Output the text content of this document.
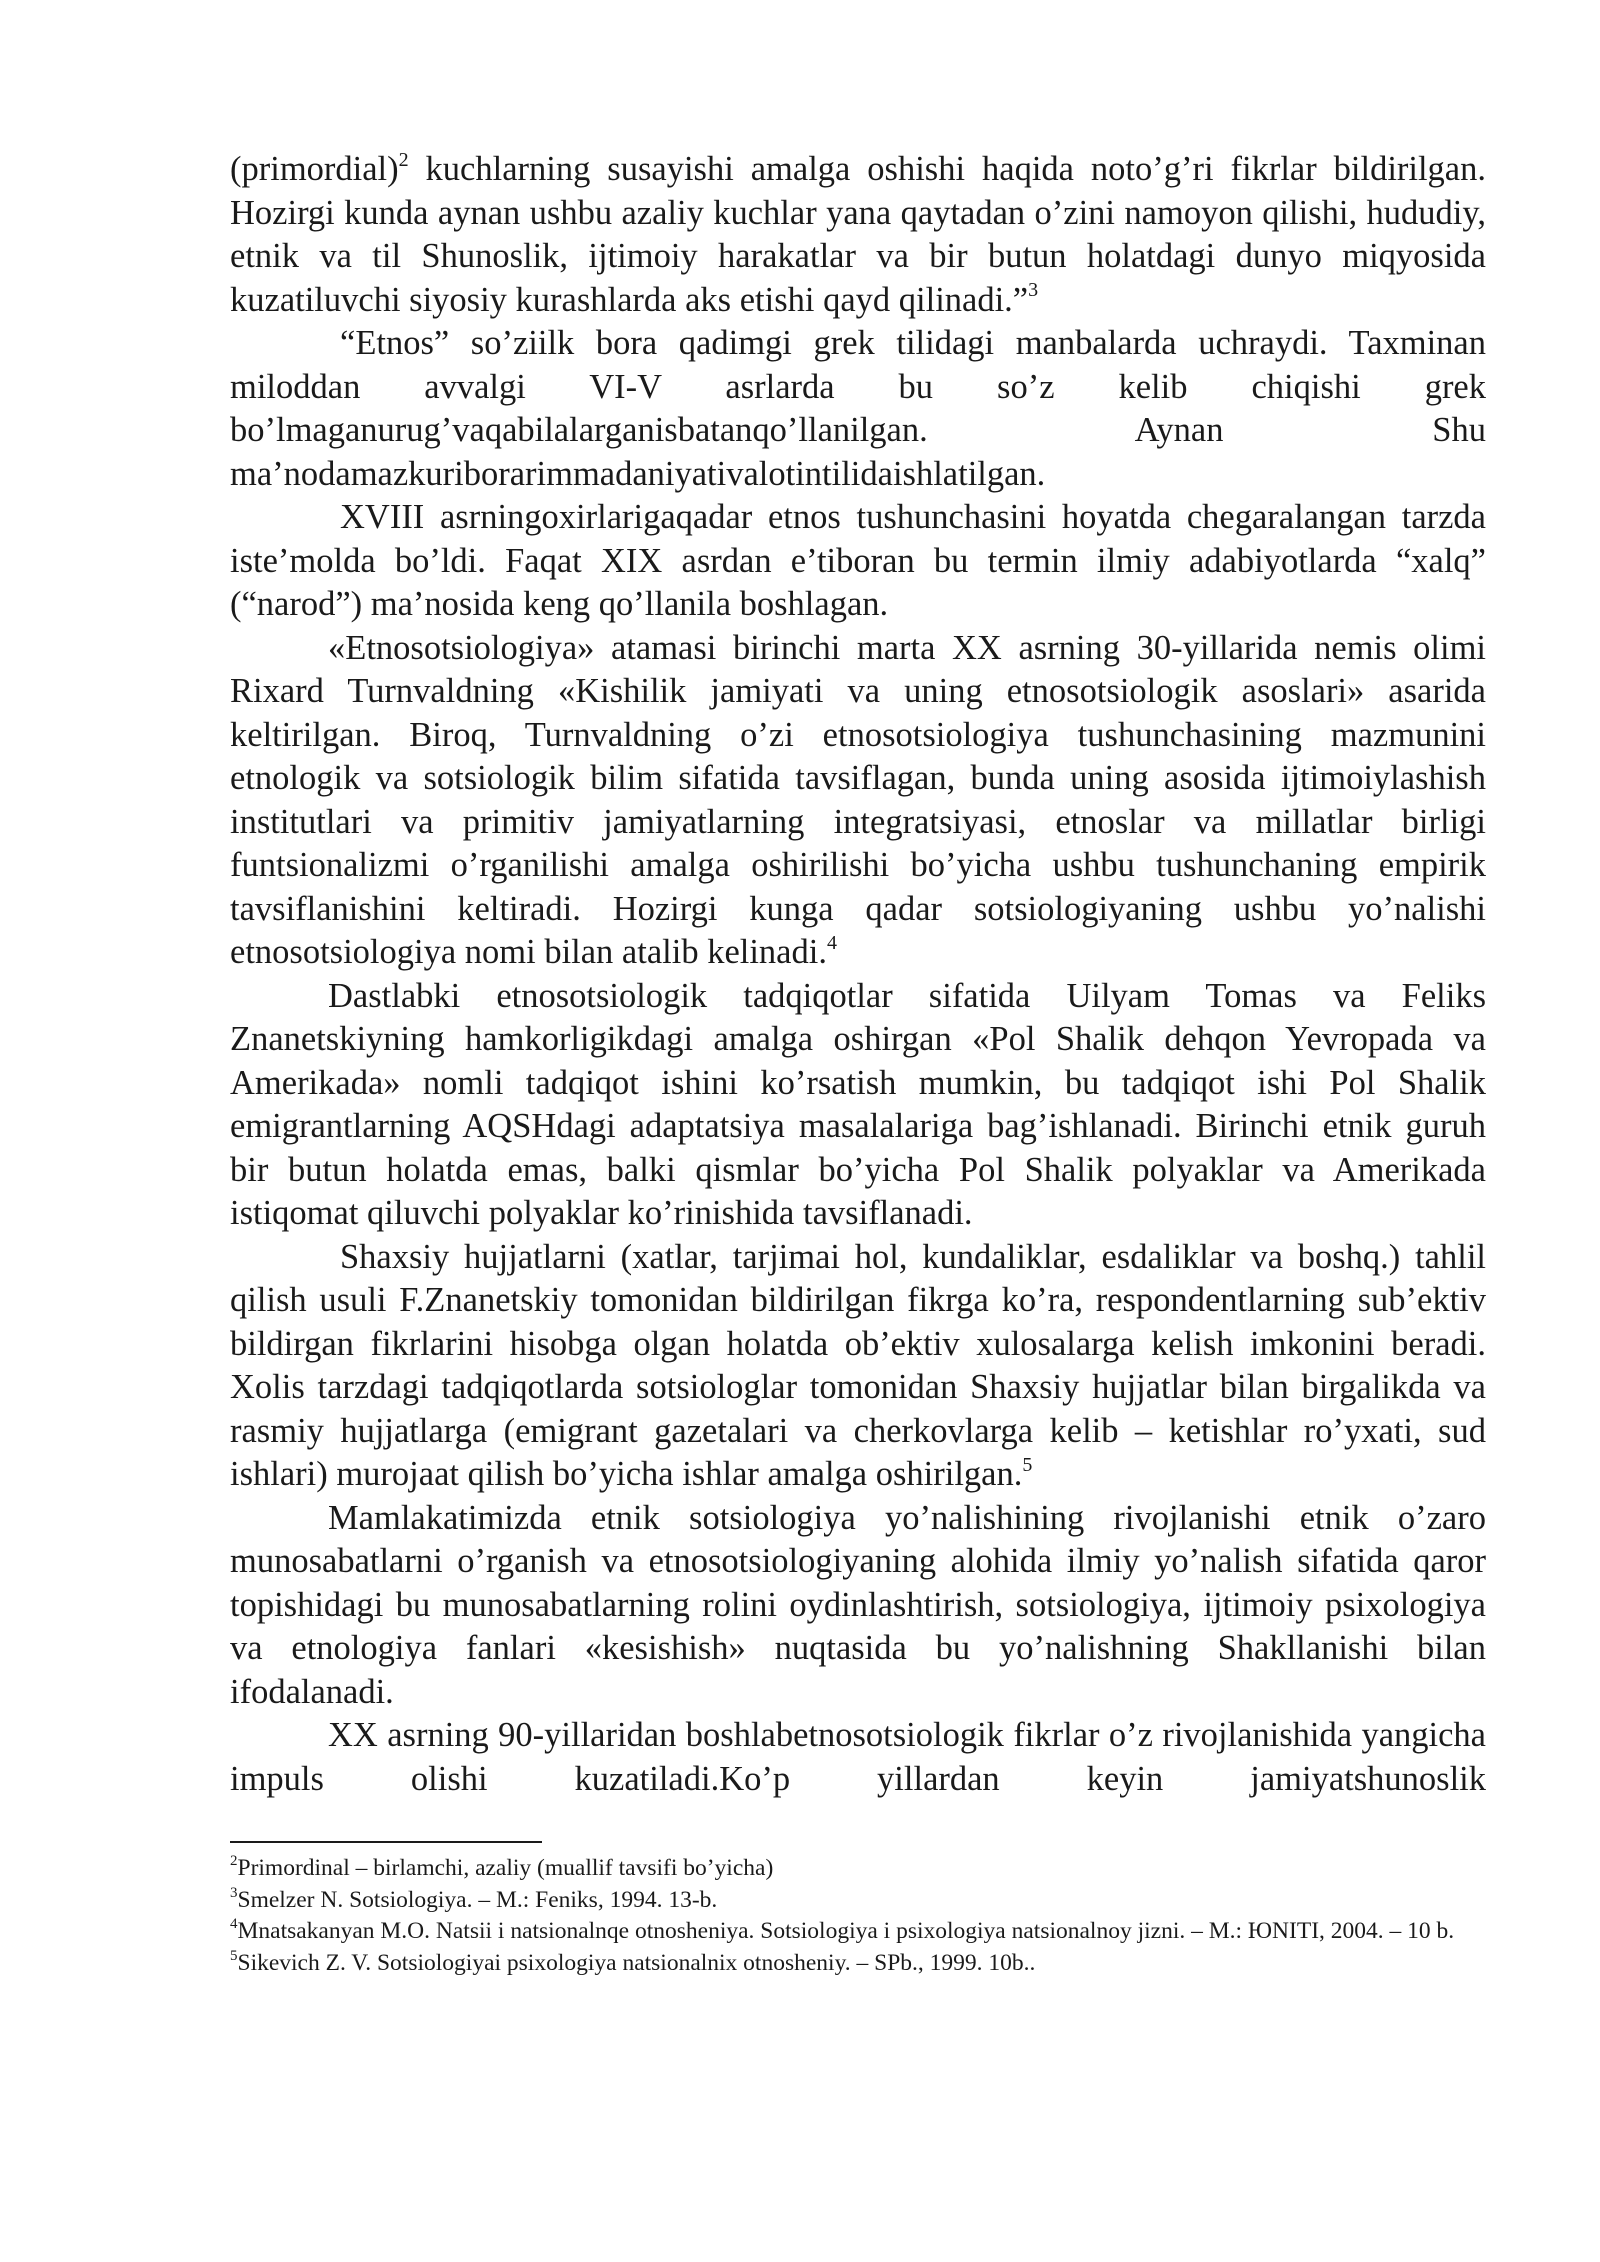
(primordial)$^2$ kuchlarning susayishi amalga oshishi haqida noto’g’ri fikrlar bildirilgan. Hozirgi kunda aynan ushbu azaliy kuchlar yana qaytadan o’zini namoyon qilishi, hududiy, etnik va til Shunoslik, ijtimoiy harakatlar va bir butun holatdagi dunyo miqyosida kuzatiluvchi siyosiy kurashlarda aks etishi qayd qilinadi.”$^3$

“Etnos” so’ziilk bora qadimgi grek tilidagi manbalarda uchraydi. Taxminan miloddan avvalgi VI-V asrlarda bu so’z kelib chiqishi grek bo’lmaganurug’vaqabilalarganisbatanqo’llanilgan. Aynan Shu ma’nodamazkuriborarimmadaniyativalotintilidaishlatilgan.

XVIII asrningoxirlarigaqadar etnos tushunchasini hoyatda chegaralangan tarzda iste’molda bo’ldi. Faqat XIX asrdan e’tiboran bu termin ilmiy adabiyotlarda “xalq” (“narod”) ma’nosida keng qo’llanila boshlagan.

«Etnosotsiologiya» atamasi birinchi marta XX asrning 30-yillarida nemis olimi Rixard Turnvaldning «Kishilik jamiyati va uning etnosotsiologik asoslari» asarida keltirilgan. Biroq, Turnvaldning o’zi etnosotsiologiya tushunchasining mazmunini etnologik va sotsiologik bilim sifatida tavsiflagan, bunda uning asosida ijtimoiylashish institutlari va primitiv jamiyatlarning integratsiyasi, etnoslar va millatlar birligi funtsionalizmi o’rganilishi amalga oshirilishi bo’yicha ushbu tushunchaning empirik tavsiflanishini keltiradi. Hozirgi kunga qadar sotsiologiyaning ushbu yo’nalishi etnosotsiologiya nomi bilan atalib kelinadi.$^4$

Dastlabki etnosotsiologik tadqiqotlar sifatida Uilyam Tomas va Feliks Znanetskiyning hamkorligikdagi amalga oshirgan «Pol Shalik dehqon Yevropada va Amerikada» nomli tadqiqot ishini ko’rsatish mumkin, bu tadqiqot ishi Pol Shalik emigrantlarning AQSHdagi adaptatsiya masalalariga bag’ishlanadi. Birinchi etnik guruh bir butun holatda emas, balki qismlar bo’yicha Pol Shalik polyaklar va Amerikada istiqomat qiluvchi polyaklar ko’rinishida tavsiflanadi.

Shaxsiy hujjatlarni (xatlar, tarjimai hol, kundaliklar, esdaliklar va boshq.) tahlil qilish usuli F.Znanetskiy tomonidan bildirilgan fikrga ko’ra, respondentlarning sub’ektiv bildirgan fikrlarini hisobga olgan holatda ob’ektiv xulosalarga kelish imkonini beradi. Xolis tarzdagi tadqiqotlarda sotsiologlar tomonidan Shaxsiy hujjatlar bilan birgalikda va rasmiy hujjatlarga (emigrant gazetalari va cherkovlarga kelib – ketishlar ro’yxati, sud ishlari) murojaat qilish bo’yicha ishlar amalga oshirilgan.$^5$

Mamlakatimizda etnik sotsiologiya yo’nalishining rivojlanishi etnik o’zaro munosabatlarni o’rganish va etnosotsiologiyaning alohida ilmiy yo’nalish sifatida qaror topishidagi bu munosabatlarning rolini oydinlashtirish, sotsiologiya, ijtimoiy psixologiya va etnologiya fanlari «kesishish» nuqtasida bu yo’nalishning Shakllanishi bilan ifodalanadi.

XX asrning 90-yillaridan boshlabetnosotsiologik fikrlar o’z rivojlanishida yangicha impuls olishi kuzatiladi.Ko’p yillardan keyin jamiyatshunoslik

$^2$Primordinal – birlamchi, azaliy (muallif tavsifi bo’yicha)

$^3$Smelzer N. Sotsiologiya. – M.: Feniks, 1994. 13-b.

$^4$Mnatsakanyan M.O. Natsii i natsionalnqe otnosheniya. Sotsiologiya i psixologiya natsionalnoy jizni. – M.: ЮNITI, 2004. – 10 b.

$^5$Sikevich Z. V. Sotsiologiyai psixologiya natsionalnix otnosheniy. – SPb., 1999. 10b..
